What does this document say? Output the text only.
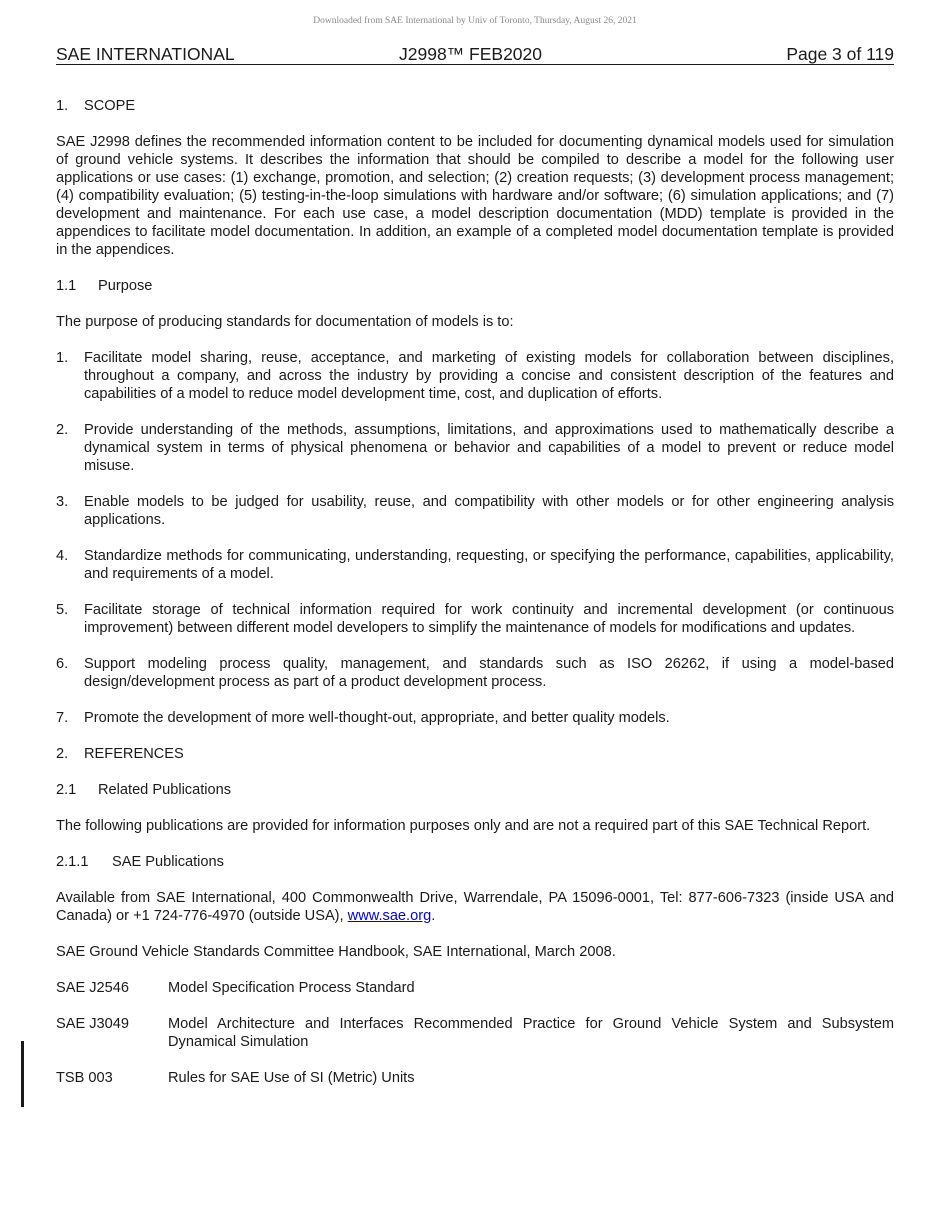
Downloaded from SAE International by Univ of Toronto, Thursday, August 26, 2021
SAE INTERNATIONAL	J2998™ FEB2020	Page 3 of 119
1. SCOPE

SAE J2998 defines the recommended information content to be included for documenting dynamical models used for simulation of ground vehicle systems. It describes the information that should be compiled to describe a model for the following user applications or use cases: (1) exchange, promotion, and selection; (2) creation requests; (3) development process management; (4) compatibility evaluation; (5) testing-in-the-loop simulations with hardware and/or software; (6) simulation applications; and (7) development and maintenance. For each use case, a model description documentation (MDD) template is provided in the appendices to facilitate model documentation. In addition, an example of a completed model documentation template is provided in the appendices.

1.1 Purpose

The purpose of producing standards for documentation of models is to:

1.	Facilitate model sharing, reuse, acceptance, and marketing of existing models for collaboration between disciplines, throughout a company, and across the industry by providing a concise and consistent description of the features and capabilities of a model to reduce model development time, cost, and duplication of efforts.
2.	Provide understanding of the methods, assumptions, limitations, and approximations used to mathematically describe a dynamical system in terms of physical phenomena or behavior and capabilities of a model to prevent or reduce model misuse.
3.	Enable models to be judged for usability, reuse, and compatibility with other models or for other engineering analysis applications.
4.	Standardize methods for communicating, understanding, requesting, or specifying the performance, capabilities, applicability, and requirements of a model.
5.	Facilitate storage of technical information required for work continuity and incremental development (or continuous improvement) between different model developers to simplify the maintenance of models for modifications and updates.
6.	Support modeling process quality, management, and standards such as ISO 26262, if using a model-based design/development process as part of a product development process.
7.	Promote the development of more well-thought-out, appropriate, and better quality models.
2. REFERENCES
2.1 Related Publications

The following publications are provided for information purposes only and are not a required part of this SAE Technical Report.

2.1.1 SAE Publications

Available from SAE International, 400 Commonwealth Drive, Warrendale, PA 15096-0001, Tel: 877-606-7323 (inside USA and Canada) or +1 724-776-4970 (outside USA), www.sae.org.

SAE Ground Vehicle Standards Committee Handbook, SAE International, March 2008.

SAE J2546	Model Specification Process Standard
SAE J3049	Model Architecture and Interfaces Recommended Practice for Ground Vehicle System and Subsystem Dynamical Simulation
TSB 003	Rules for SAE Use of SI (Metric) Units
